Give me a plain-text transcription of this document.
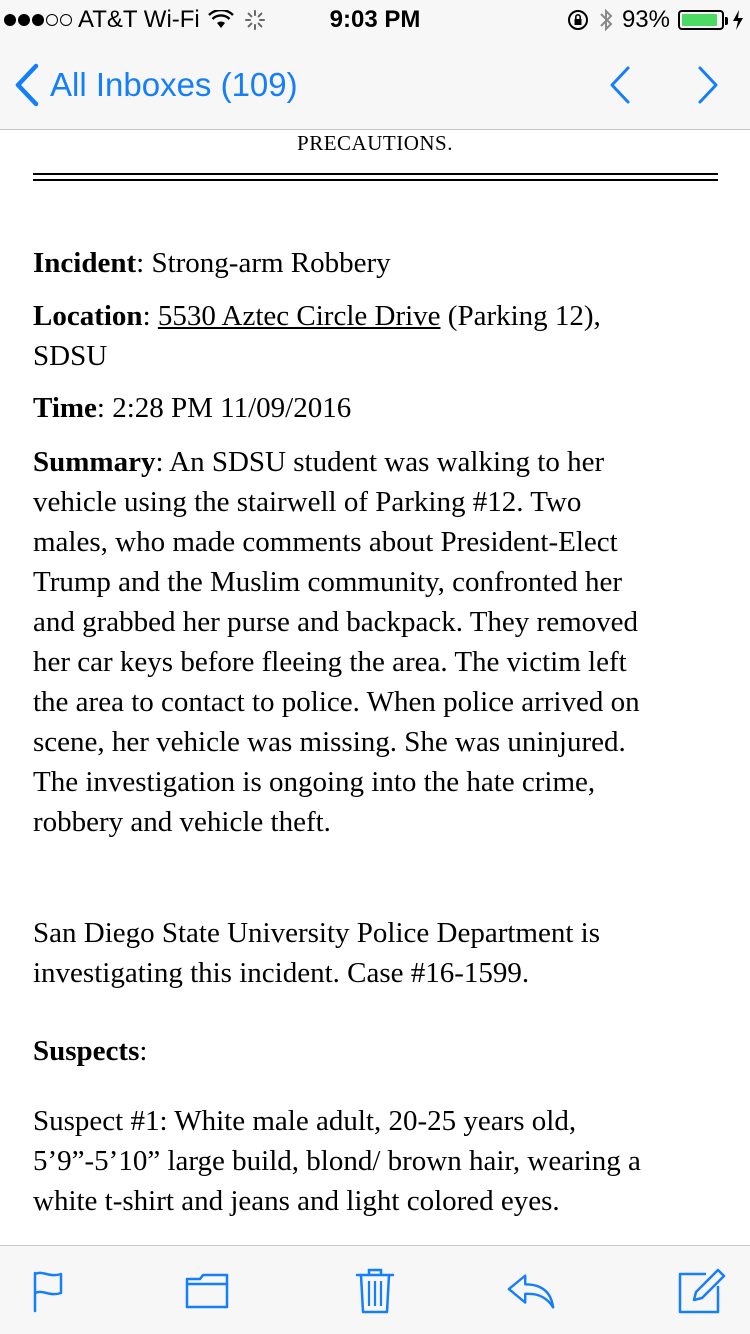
AT&T Wi-Fi	9:03 PM	93%
All Inboxes (109)
PRECAUTIONS.
Incident: Strong-arm Robbery
Location: 5530 Aztec Circle Drive (Parking 12),
SDSU
Time: 2:28 PM 11/09/2016
Summary: An SDSU student was walking to her
vehicle using the stairwell of Parking #12. Two
males, who made comments about President-Elect
Trump and the Muslim community, confronted her
and grabbed her purse and backpack. They removed
her car keys before fleeing the area. The victim left
the area to contact to police. When police arrived on
scene, her vehicle was missing. She was uninjured.
The investigation is ongoing into the hate crime,
robbery and vehicle theft.
San Diego State University Police Department is
investigating this incident. Case #16-1599.
Suspects:
Suspect #1: White male adult, 20-25 years old,
5’9”-5’10” large build, blond/ brown hair, wearing a
white t-shirt and jeans and light colored eyes.
